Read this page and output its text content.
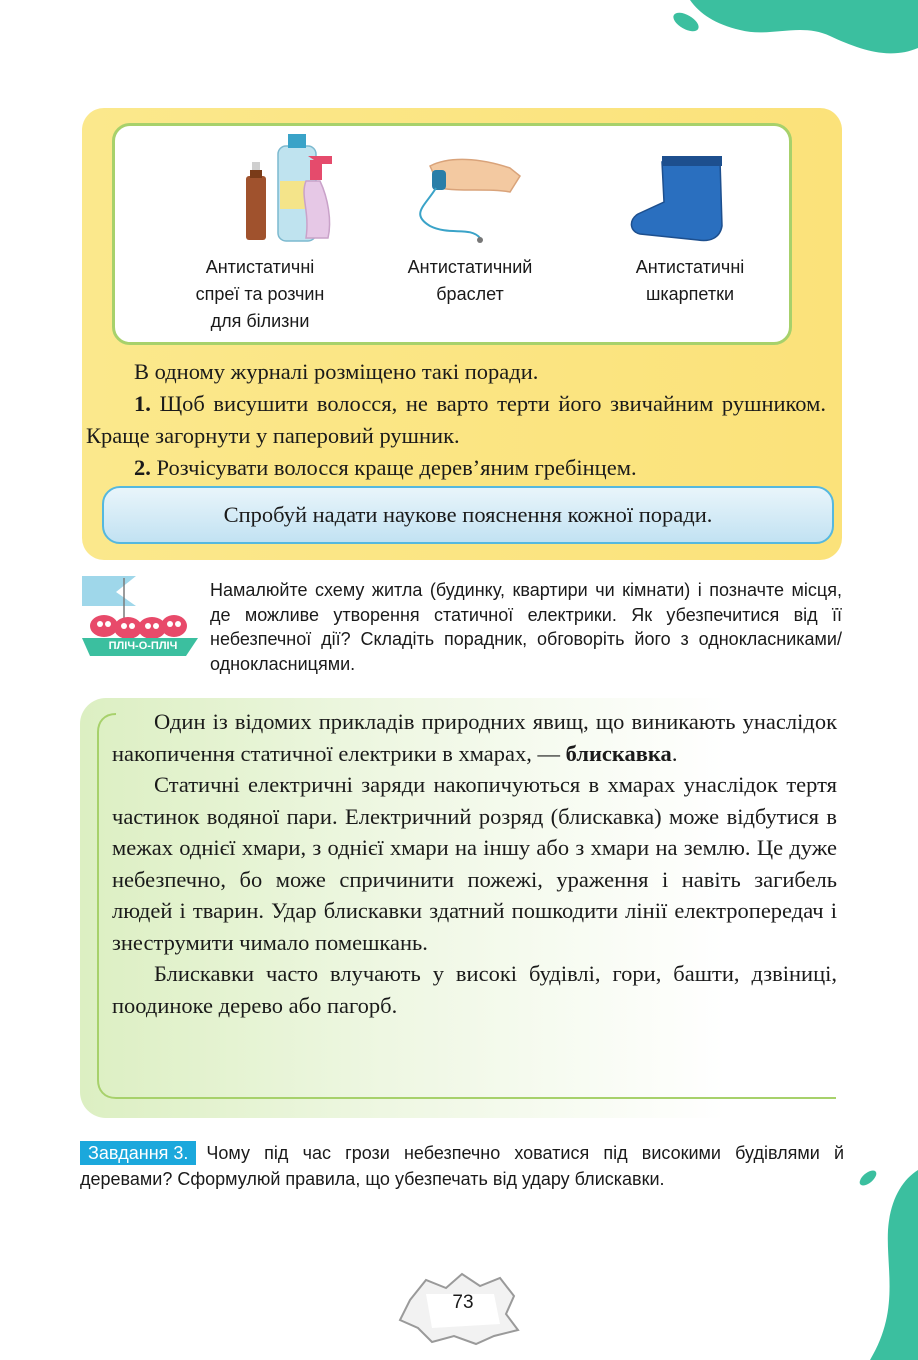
Антистатичні
спреї та розчин
для білизни
Антистатичний
браслет
Антистатичні
шкарпетки

В одному журналі розміщено такі поради.

1. Щоб висушити волосся, не варто терти його звичайним рушником. Краще загорнути у паперовий рушник.

2. Розчісувати волосся краще дерев’яним гребінцем.

Спробуй надати наукове пояснення кожної поради.
ПЛІЧ-О-ПЛІЧ

Намалюйте схему житла (будинку, квартири чи кімнати) і позначте місця, де можливе утворення статичної електрики. Як убезпечитися від її небезпечної дії? Складіть порадник, обговоріть його з однокласниками/однокласницями.

Один із відомих прикладів природних явищ, що виникають унаслідок накопичення статичної електрики в хмарах, — блискавка.

Статичні електричні заряди накопичуються в хмарах унаслідок тертя частинок водяної пари. Електричний розряд (блискавка) може відбутися в межах однієї хмари, з однієї хмари на іншу або з хмари на землю. Це дуже небезпечно, бо може спричинити пожежі, ураження і навіть загибель людей і тварин. Удар блискавки здатний пошкодити лінії електропередач і знеструмити чимало помешкань.

Блискавки часто влучають у високі будівлі, гори, башти, дзвіниці, поодиноке дерево або пагорб.

Завдання 3. Чому під час грози небезпечно ховатися під високими будівлями й деревами? Сформулюй правила, що убезпечать від удару блискавки.
73
